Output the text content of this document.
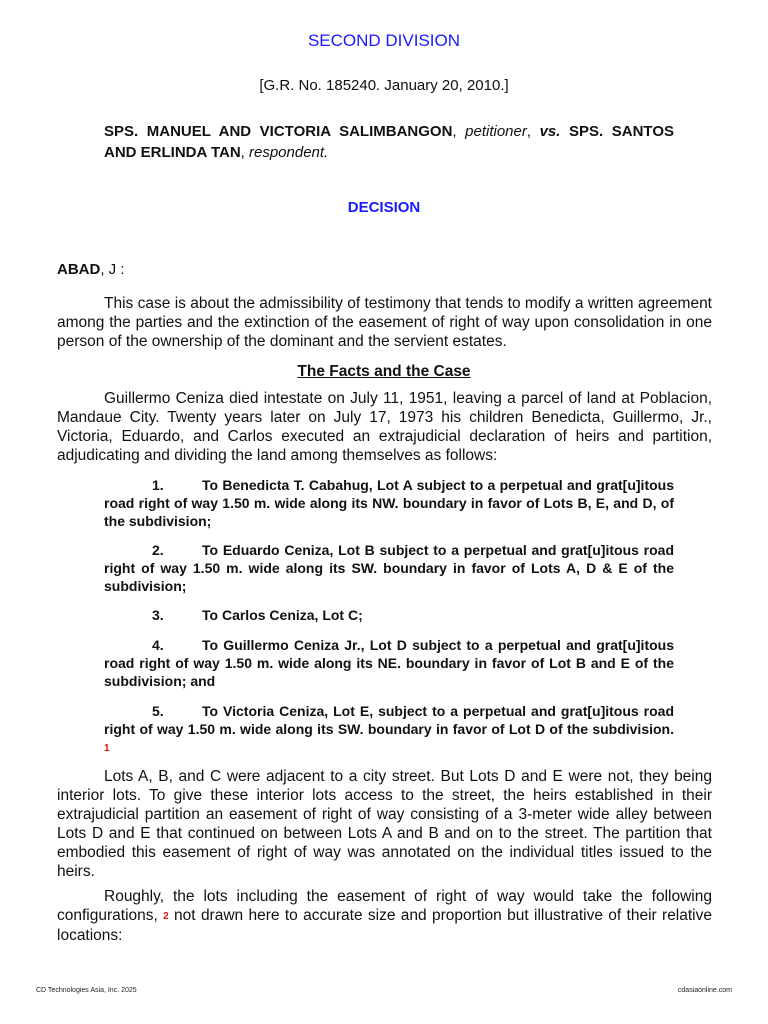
SECOND DIVISION
[G.R. No. 185240. January 20, 2010.]
SPS. MANUEL AND VICTORIA SALIMBANGON, petitioner, vs. SPS. SANTOS AND ERLINDA TAN, respondent.
DECISION
ABAD, J :
This case is about the admissibility of testimony that tends to modify a written agreement among the parties and the extinction of the easement of right of way upon consolidation in one person of the ownership of the dominant and the servient estates.
The Facts and the Case
Guillermo Ceniza died intestate on July 11, 1951, leaving a parcel of land at Poblacion, Mandaue City. Twenty years later on July 17, 1973 his children Benedicta, Guillermo, Jr., Victoria, Eduardo, and Carlos executed an extrajudicial declaration of heirs and partition, adjudicating and dividing the land among themselves as follows:
1.	To Benedicta T. Cabahug, Lot A subject to a perpetual and grat[u]itous road right of way 1.50 m. wide along its NW. boundary in favor of Lots B, E, and D, of the subdivision;
2.	To Eduardo Ceniza, Lot B subject to a perpetual and grat[u]itous road right of way 1.50 m. wide along its SW. boundary in favor of Lots A, D & E of the subdivision;
3.	To Carlos Ceniza, Lot C;
4.	To Guillermo Ceniza Jr., Lot D subject to a perpetual and grat[u]itous road right of way 1.50 m. wide along its NE. boundary in favor of Lot B and E of the subdivision; and
5.	To Victoria Ceniza, Lot E, subject to a perpetual and grat[u]itous road right of way 1.50 m. wide along its SW. boundary in favor of Lot D of the subdivision. 1
Lots A, B, and C were adjacent to a city street. But Lots D and E were not, they being interior lots. To give these interior lots access to the street, the heirs established in their extrajudicial partition an easement of right of way consisting of a 3-meter wide alley between Lots D and E that continued on between Lots A and B and on to the street. The partition that embodied this easement of right of way was annotated on the individual titles issued to the heirs.
Roughly, the lots including the easement of right of way would take the following configurations, 2 not drawn here to accurate size and proportion but illustrative of their relative locations:
CD Technologies Asia, Inc. 2025	cdasiaonline.com
